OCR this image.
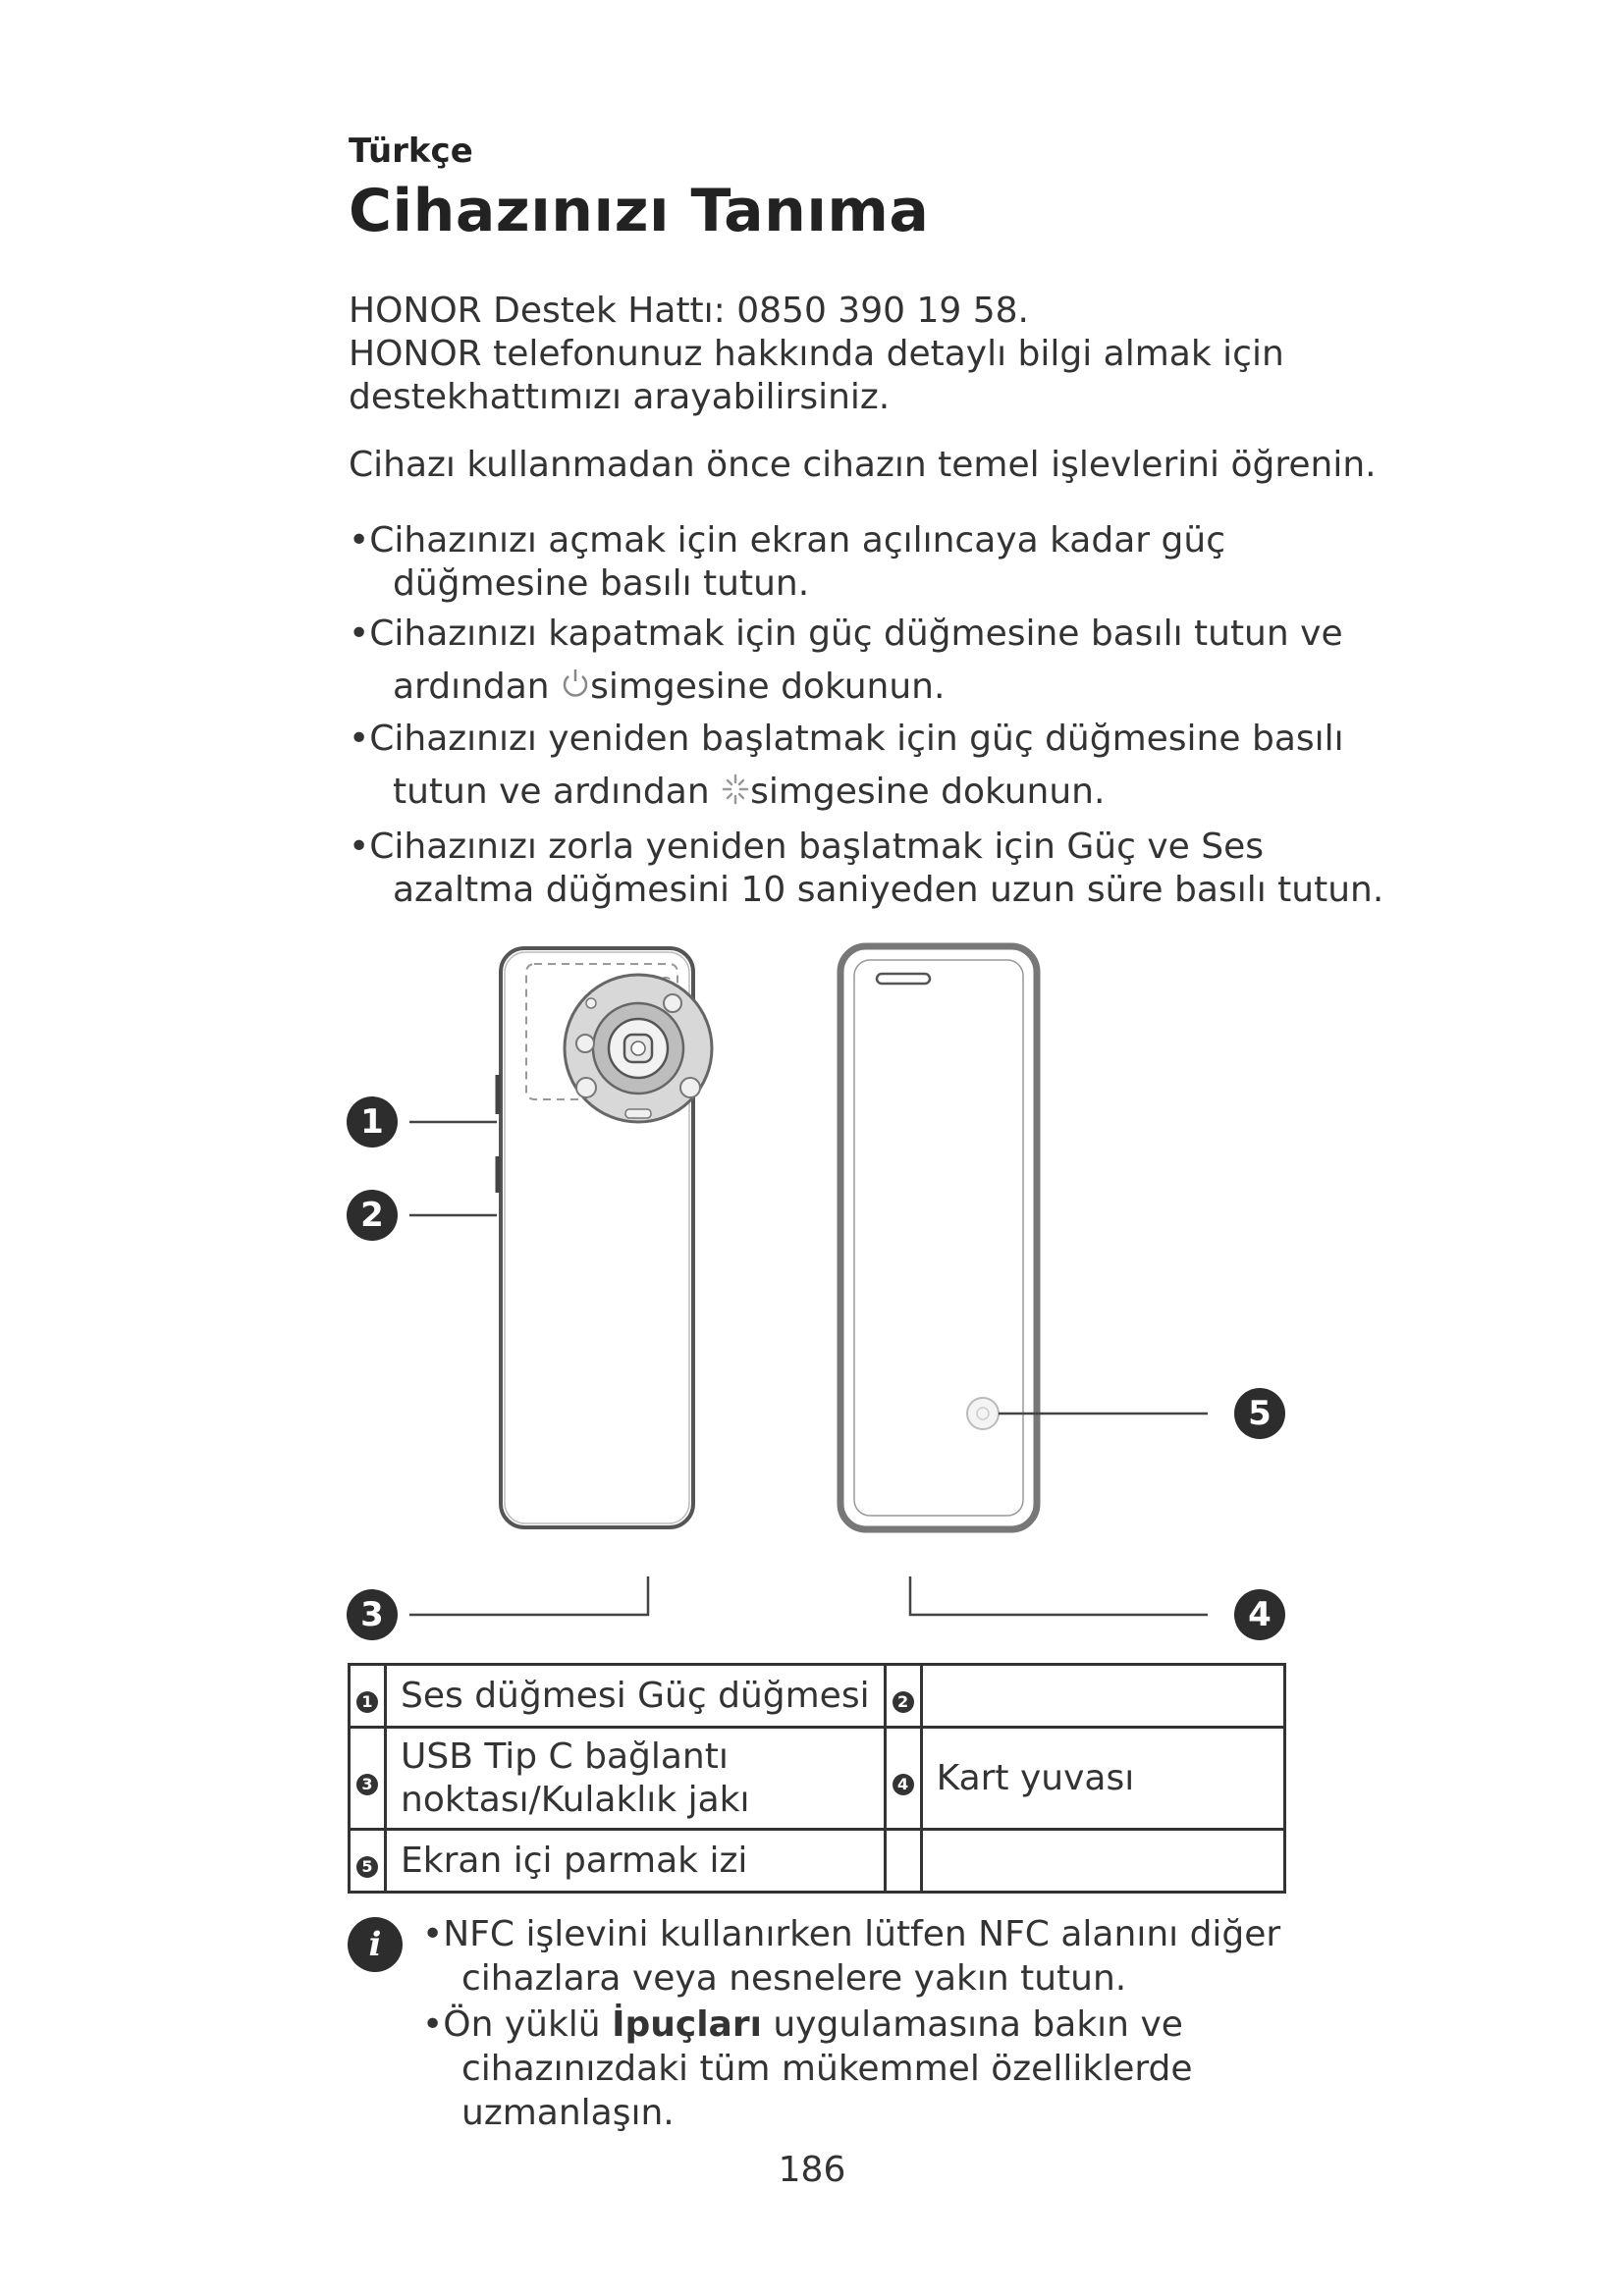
Türkçe
Cihazınızı Tanıma
HONOR Destek Hattı: 0850 390 19 58.
HONOR telefonunuz hakkında detaylı bilgi almak için
destekhattımızı arayabilirsiniz.
Cihazı kullanmadan önce cihazın temel işlevlerini öğrenin.
•Cihazınızı açmak için ekran açılıncaya kadar güç
düğmesine basılı tutun.
•Cihazınızı kapatmak için güç düğmesine basılı tutun ve
ardından simgesine dokunun.
•Cihazınızı yeniden başlatmak için güç düğmesine basılı
tutun ve ardından simgesine dokunun.
•Cihazınızı zorla yeniden başlatmak için Güç ve Ses
azaltma düğmesini 10 saniyeden uzun süre basılı tutun.
1
2
3	4
5
1	Ses düğmesi Güç düğmesi	2	
3	USB Tip C bağlantı
noktası/Kulaklık jakı	4	Kart yuvası
5	Ekran içi parmak izi		
i	•NFC işlevini kullanırken lütfen NFC alanını diğer
cihazlara veya nesnelere yakın tutun.
•Ön yüklü İpuçları uygulamasına bakın ve
cihazınızdaki tüm mükemmel özelliklerde
uzmanlaşın.
186
